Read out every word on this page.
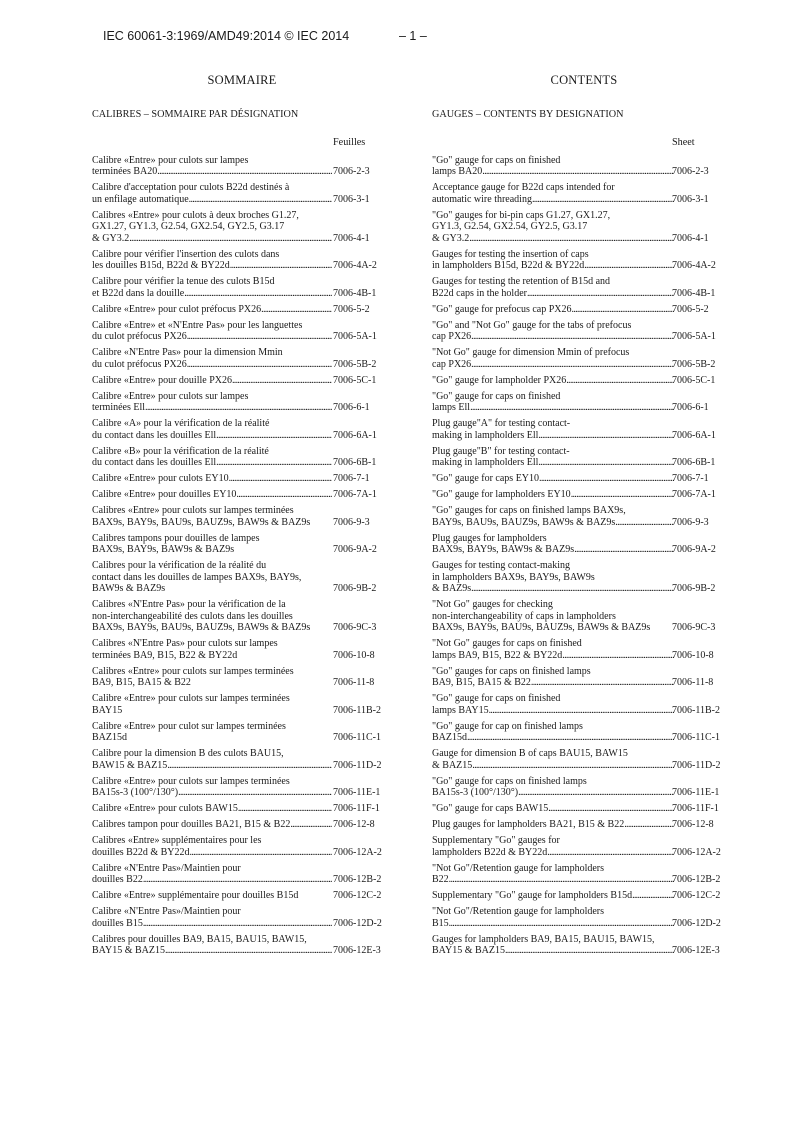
IEC 60061-3:1969/AMD49:2014 © IEC 2014	– 1 –
SOMMAIRE
CALIBRES – SOMMAIRE PAR DÉSIGNATION
Feuilles
Calibre «Entre» pour culots sur lampes
terminées BA20 . . .	7006-2-3
Calibre d'acceptation pour culots B22d destinés à
un enfilage automatique . . .	7006-3-1
Calibres «Entre» pour culots à deux broches G1.27,
GX1.27, GY1.3, G2.54, GX2.54, GY2.5, G3.17
& GY3.2 . . .	7006-4-1
Calibre pour vérifier l'insertion des culots dans
les douilles B15d, B22d & BY22d . . .	7006-4A-2
Calibre pour vérifier la tenue des culots B15d
et B22d dans la douille . . .	7006-4B-1
Calibre «Entre» pour culot préfocus PX26 . . .	7006-5-2
Calibre «Entre» et «N'Entre Pas» pour les languettes
du culot préfocus PX26 . . .	7006-5A-1
Calibre «N'Entre Pas» pour la dimension Mmin
du culot préfocus PX26 . . .	7006-5B-2
Calibre «Entre» pour douille PX26 . . .	7006-5C-1
Calibre «Entre» pour culots sur lampes
terminées Ell . . .	7006-6-1
Calibre «A» pour la vérification de la réalité
du contact dans les douilles Ell . . .	7006-6A-1
Calibre «B» pour la vérification de la réalité
du contact dans les douilles Ell . . .	7006-6B-1
Calibre «Entre» pour culots EY10 . . .	7006-7-1
Calibre «Entre» pour douilles EY10 . . .	7006-7A-1
Calibres «Entre» pour culots sur lampes terminées
BAX9s, BAY9s, BAU9s, BAUZ9s, BAW9s & BAZ9s 7006-9-3
Calibres tampons pour douilles de lampes
BAX9s, BAY9s, BAW9s & BAZ9s	7006-9A-2
Calibres pour la vérification de la réalité du
contact dans les douilles de lampes BAX9s, BAY9s,
BAW9s & BAZ9s	7006-9B-2
Calibres «N'Entre Pas» pour la vérification de la
non-interchangeabilité des culots dans les douilles
BAX9s, BAY9s, BAU9s, BAUZ9s, BAW9s & BAZ9s 7006-9C-3
Calibres «N'Entre Pas» pour culots sur lampes
terminées BA9, B15, B22 & BY22d	7006-10-8
Calibres «Entre» pour culots sur lampes terminées
BA9, B15, BA15 & B22	7006-11-8
Calibre «Entre» pour culots sur lampes terminées
BAY15	7006-11B-2
Calibre «Entre» pour culot sur lampes terminées
BAZ15d	7006-11C-1
Calibre pour la dimension B des culots BAU15,
BAW15 & BAZ15 . . .	7006-11D-2
Calibre «Entre» pour culots sur lampes terminées
BA15s-3 (100°/130°) . . .	7006-11E-1
Calibre «Entre» pour culots BAW15 . . .	7006-11F-1
Calibres tampon pour douilles BA21, B15 & B22 . . .	7006-12-8
Calibres «Entre» supplémentaires pour les
douilles B22d & BY22d . . .	7006-12A-2
Calibre «N'Entre Pas»/Maintien pour
douilles B22 . . .	7006-12B-2
Calibre «Entre» supplémentaire pour douilles B15d	7006-12C-2
Calibre «N'Entre Pas»/Maintien pour
douilles B15 . . .	7006-12D-2
Calibres pour douilles BA9, BA15, BAU15, BAW15,
BAY15 & BAZ15 . . .	7006-12E-3
CONTENTS
GAUGES – CONTENTS BY DESIGNATION
Sheet
"Go" gauge for caps on finished
lamps BA20 . . .	7006-2-3
Acceptance gauge for B22d caps intended for
automatic wire threading . . .	7006-3-1
"Go" gauges for bi-pin caps G1.27, GX1.27,
GY1.3, G2.54, GX2.54, GY2.5, G3.17
& GY3.2 . . .	7006-4-1
Gauges for testing the insertion of caps
in lampholders B15d, B22d & BY22d . . .	7006-4A-2
Gauges for testing the retention of B15d and
B22d caps in the holder . . .	7006-4B-1
"Go" gauge for prefocus cap PX26 . . .	7006-5-2
"Go" and "Not Go" gauge for the tabs of prefocus
cap PX26 . . .	7006-5A-1
"Not Go" gauge for dimension Mmin of prefocus
cap PX26 . . .	7006-5B-2
"Go" gauge for lampholder PX26 . . .	7006-5C-1
"Go" gauge for caps on finished
lamps Ell . . .	7006-6-1
Plug gauge"A" for testing contact-
making in lampholders Ell . . .	7006-6A-1
Plug gauge"B" for testing contact-
making in lampholders Ell . . .	7006-6B-1
"Go" gauge for caps EY10 . . .	7006-7-1
"Go" gauge for lampholders EY10 . . .	7006-7A-1
"Go" gauges for caps on finished lamps BAX9s,
BAY9s, BAU9s, BAUZ9s, BAW9s & BAZ9s . . .	7006-9-3
Plug gauges for lampholders
BAX9s, BAY9s, BAW9s & BAZ9s . . .	7006-9A-2
Gauges for testing contact-making
in lampholders BAX9s, BAY9s, BAW9s
& BAZ9s . . .	7006-9B-2
"Not Go" gauges for checking
non-interchangeability of caps in lampholders
BAX9s, BAY9s, BAU9s, BAUZ9s, BAW9s & BAZ9s 7006-9C-3
"Not Go" gauges for caps on finished
lamps BA9, B15, B22 & BY22d . . .	7006-10-8
"Go" gauges for caps on finished lamps
BA9, B15, BA15 & B22 . . .	7006-11-8
"Go" gauge for caps on finished
lamps BAY15 . . .	7006-11B-2
"Go" gauge for cap on finished lamps
BAZ15d . . .	7006-11C-1
Gauge for dimension B of caps BAU15, BAW15
& BAZ15 . . .	7006-11D-2
"Go" gauge for caps on finished lamps
BA15s-3 (100°/130°) . . .	7006-11E-1
"Go" gauge for caps BAW15 . . .	7006-11F-1
Plug gauges for lampholders BA21, B15 & B22 . . .	7006-12-8
Supplementary "Go" gauges for
lampholders B22d & BY22d . . .	7006-12A-2
"Not Go"/Retention gauge for lampholders
B22 . . .	7006-12B-2
Supplementary "Go" gauge for lampholders B15d . . .	7006-12C-2
"Not Go"/Retention gauge for lampholders
B15 . . .	7006-12D-2
Gauges for lampholders BA9, BA15, BAU15, BAW15,
BAY15 & BAZ15 . . .	7006-12E-3
